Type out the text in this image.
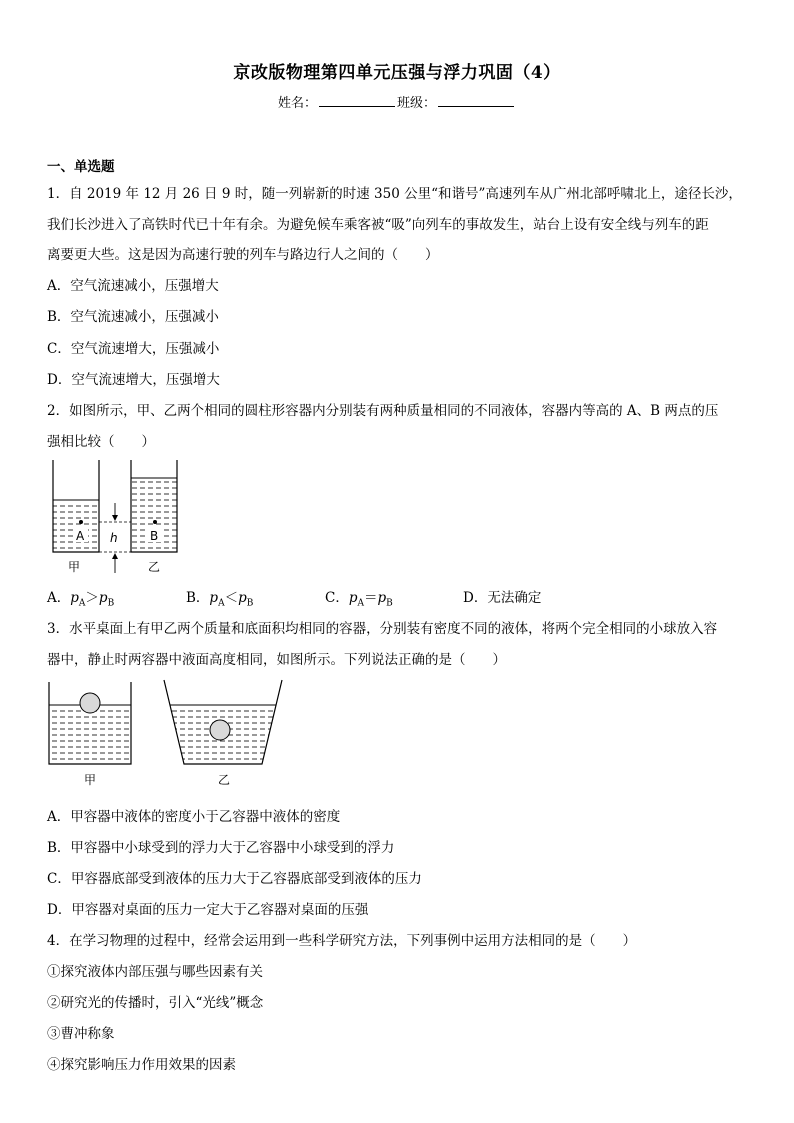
京改版物理第四单元压强与浮力巩固（4）
姓名：	班级：
一、单选题
1．自 2019 年 12 月 26 日 9 时，随一列崭新的时速 350 公里“和谐号”高速列车从广州北部呼啸北上，途径长沙，
我们长沙进入了高铁时代已十年有余。为避免候车乘客被“吸”向列车的事故发生，站台上设有安全线与列车的距
离要更大些。这是因为高速行驶的列车与路边行人之间的（　　）
A．空气流速减小，压强增大
B．空气流速减小，压强减小
C．空气流速增大，压强减小
D．空气流速增大，压强增大
2．如图所示，甲、乙两个相同的圆柱形容器内分别装有两种质量相同的不同液体，容器内等高的 A、B 两点的压
强相比较（　　）
A	B
h
甲	乙
A．$p_A>p_B$	B．$p_A<p_B$	C．$p_A=p_B$	D．无法确定
3．水平桌面上有甲乙两个质量和底面积均相同的容器，分别装有密度不同的液体，将两个完全相同的小球放入容
器中，静止时两容器中液面高度相同，如图所示。下列说法正确的是（　　）
甲	乙
A．甲容器中液体的密度小于乙容器中液体的密度
B．甲容器中小球受到的浮力大于乙容器中小球受到的浮力
C．甲容器底部受到液体的压力大于乙容器底部受到液体的压力
D．甲容器对桌面的压力一定大于乙容器对桌面的压强
4．在学习物理的过程中，经常会运用到一些科学研究方法，下列事例中运用方法相同的是（　　）
①探究液体内部压强与哪些因素有关
②研究光的传播时，引入“光线”概念
③曹冲称象
④探究影响压力作用效果的因素
